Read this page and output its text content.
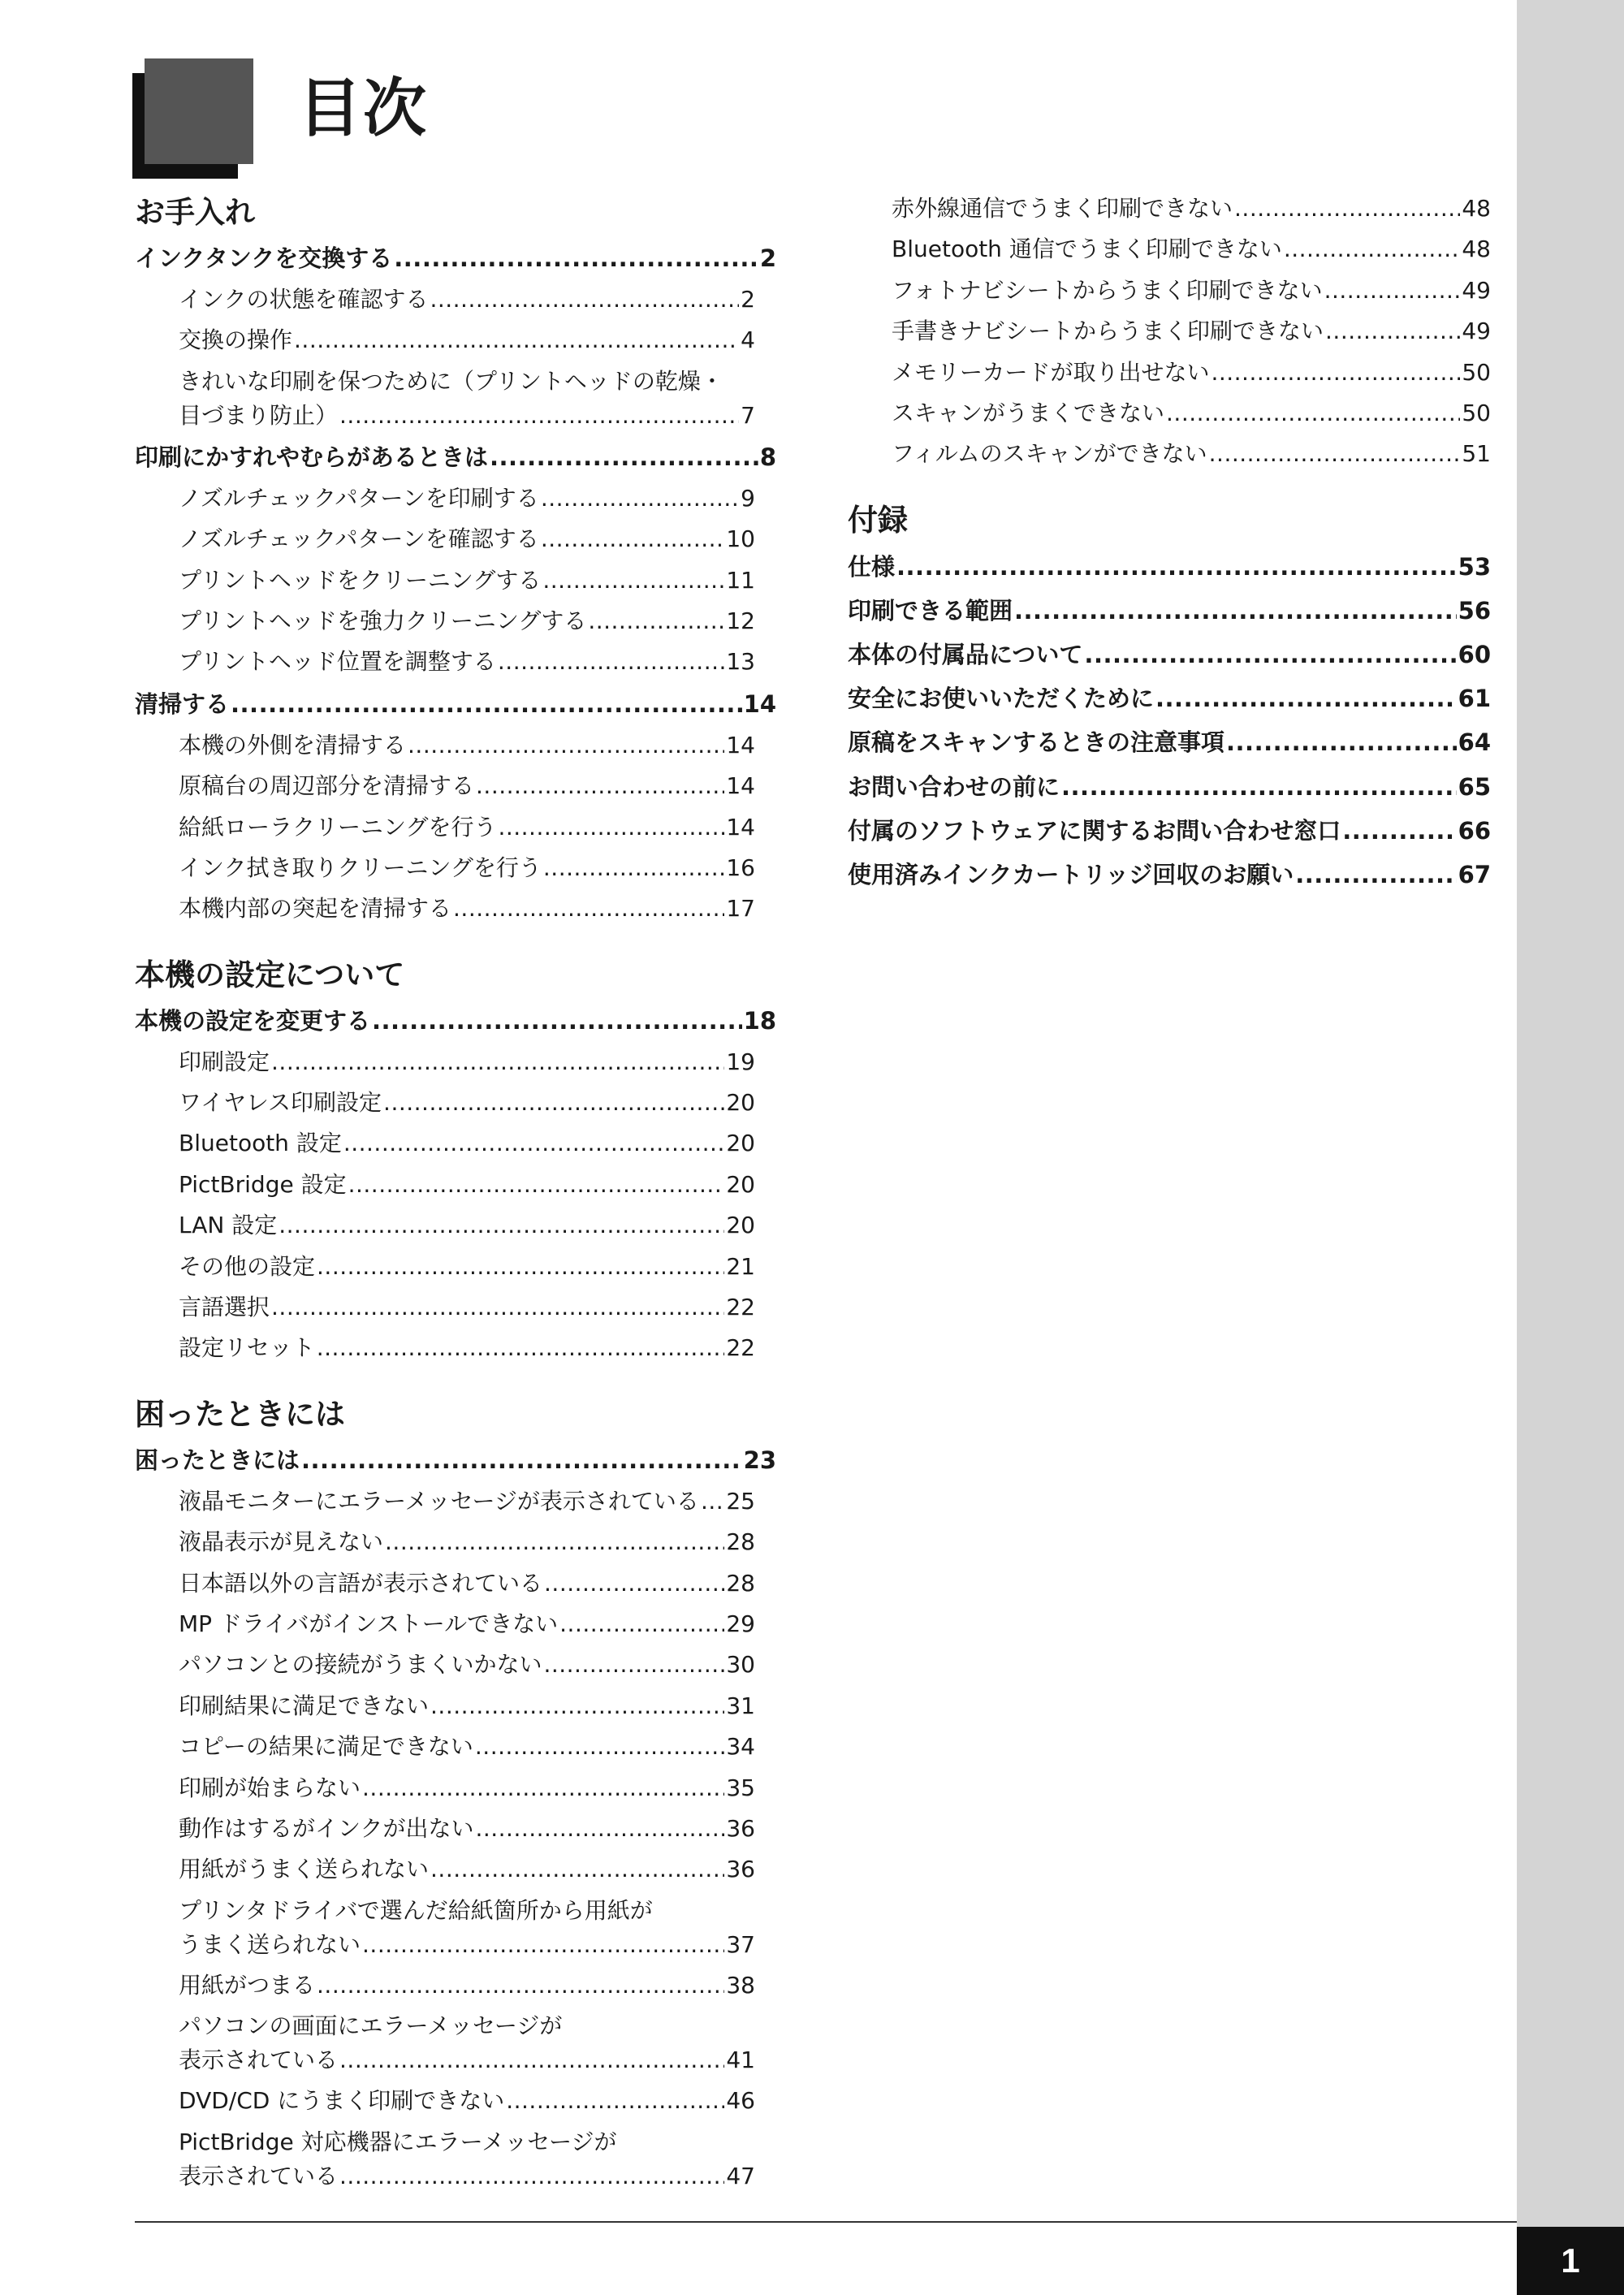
目次
お手入れ
インクタンクを交換する .....	2
インクの状態を確認する .....	2
交換の操作 .....	4
きれいな印刷を保つために（プリントヘッドの乾燥・
目づまり防止） .....	7
印刷にかすれやむらがあるときは .....	8
ノズルチェックパターンを印刷する .....	9
ノズルチェックパターンを確認する .....	10
プリントヘッドをクリーニングする .....	11
プリントヘッドを強力クリーニングする .....	12
プリントヘッド位置を調整する .....	13
清掃する .....	14
本機の外側を清掃する .....	14
原稿台の周辺部分を清掃する .....	14
給紙ローラクリーニングを行う .....	14
インク拭き取りクリーニングを行う .....	16
本機内部の突起を清掃する .....	17
本機の設定について
本機の設定を変更する .....	18
印刷設定 .....	19
ワイヤレス印刷設定 .....	20
Bluetooth 設定 .....	20
PictBridge 設定 .....	20
LAN 設定 .....	20
その他の設定 .....	21
言語選択 .....	22
設定リセット .....	22
困ったときには
困ったときには .....	23
液晶モニターにエラーメッセージが表示されている ..... 25
液晶表示が見えない .....	28
日本語以外の言語が表示されている .....	28
MP ドライバがインストールできない .....	29
パソコンとの接続がうまくいかない .....	30
印刷結果に満足できない .....	31
コピーの結果に満足できない .....	34
印刷が始まらない .....	35
動作はするがインクが出ない .....	36
用紙がうまく送られない .....	36
プリンタドライバで選んだ給紙箇所から用紙が
うまく送られない .....	37
用紙がつまる .....	38
パソコンの画面にエラーメッセージが
表示されている .....	41
DVD/CD にうまく印刷できない .....	46
PictBridge 対応機器にエラーメッセージが
表示されている .....	47
赤外線通信でうまく印刷できない .....	48
Bluetooth 通信でうまく印刷できない .....	48
フォトナビシートからうまく印刷できない .....	49
手書きナビシートからうまく印刷できない .....	49
メモリーカードが取り出せない .....	50
スキャンがうまくできない .....	50
フィルムのスキャンができない .....	51
付録
仕様 .....	53
印刷できる範囲 .....	56
本体の付属品について .....	60
安全にお使いいただくために .....	61
原稿をスキャンするときの注意事項 .....	64
お問い合わせの前に .....	65
付属のソフトウェアに関するお問い合わせ窓口 .....	66
使用済みインクカートリッジ回収のお願い .....	67
1
